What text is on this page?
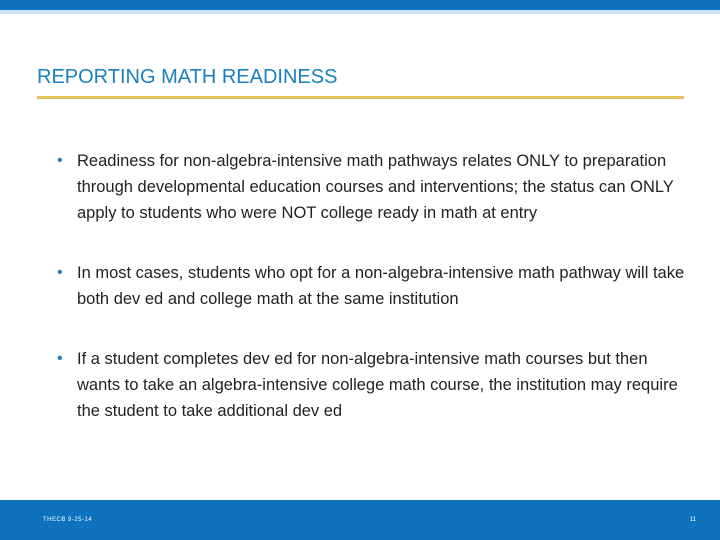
REPORTING MATH READINESS
• Readiness for non-algebra-intensive math pathways relates ONLY to preparation through developmental education courses and interventions; the status can ONLY apply to students who were NOT college ready in math at entry
• In most cases, students who opt for a non-algebra-intensive math pathway will take both dev ed and college math at the same institution
• If a student completes dev ed for non-algebra-intensive math courses but then wants to take an algebra-intensive college math course, the institution may require the student to take additional dev ed
THECB 9-25-14	11
